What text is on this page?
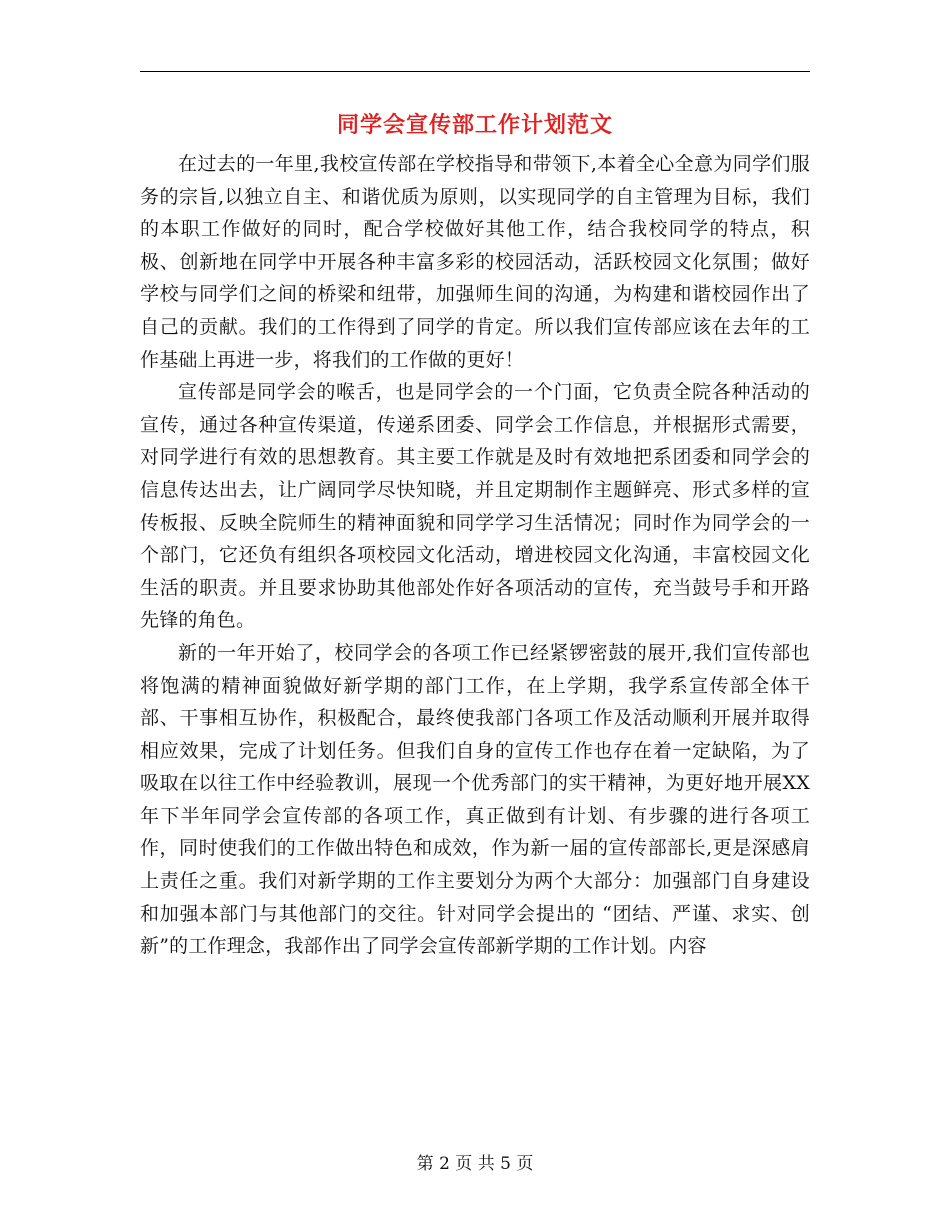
同学会宣传部工作计划范文

在过去的一年里,我校宣传部在学校指导和带领下,本着全心全意为同学们服务的宗旨,以独立自主、和谐优质为原则，以实现同学的自主管理为目标，我们的本职工作做好的同时，配合学校做好其他工作，结合我校同学的特点，积极、创新地在同学中开展各种丰富多彩的校园活动，活跃校园文化氛围；做好学校与同学们之间的桥梁和纽带，加强师生间的沟通，为构建和谐校园作出了自己的贡献。我们的工作得到了同学的肯定。所以我们宣传部应该在去年的工作基础上再进一步，将我们的工作做的更好！

宣传部是同学会的喉舌，也是同学会的一个门面，它负责全院各种活动的宣传，通过各种宣传渠道，传递系团委、同学会工作信息，并根据形式需要，对同学进行有效的思想教育。其主要工作就是及时有效地把系团委和同学会的信息传达出去，让广阔同学尽快知晓，并且定期制作主题鲜亮、形式多样的宣传板报、反映全院师生的精神面貌和同学学习生活情况；同时作为同学会的一个部门，它还负有组织各项校园文化活动，增进校园文化沟通，丰富校园文化生活的职责。并且要求协助其他部处作好各项活动的宣传，充当鼓号手和开路先锋的角色。

新的一年开始了，校同学会的各项工作已经紧锣密鼓的展开,我们宣传部也将饱满的精神面貌做好新学期的部门工作，在上学期，我学系宣传部全体干部、干事相互协作，积极配合，最终使我部门各项工作及活动顺利开展并取得相应效果，完成了计划任务。但我们自身的宣传工作也存在着一定缺陷，为了吸取在以往工作中经验教训，展现一个优秀部门的实干精神，为更好地开展XX年下半年同学会宣传部的各项工作，真正做到有计划、有步骤的进行各项工作，同时使我们的工作做出特色和成效，作为新一届的宣传部部长,更是深感肩上责任之重。我们对新学期的工作主要划分为两个大部分：加强部门自身建设和加强本部门与其他部门的交往。针对同学会提出的 “团结、严谨、求实、创新”的工作理念，我部作出了同学会宣传部新学期的工作计划。内容

第 2 页 共 5 页
